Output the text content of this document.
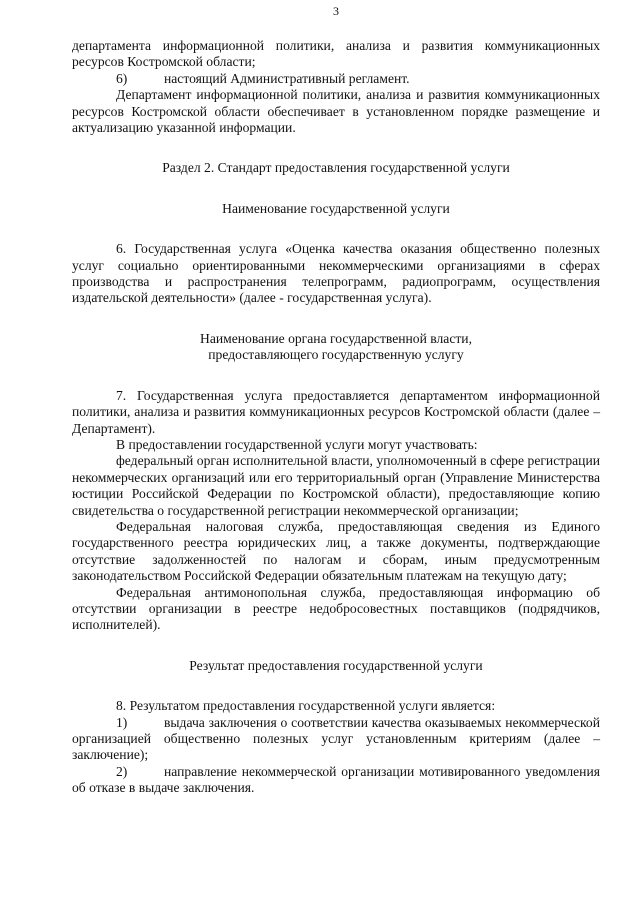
3

департамента информационной политики, анализа и развития коммуникационных ресурсов Костромской области;

6)	настоящий Административный регламент.

Департамент информационной политики, анализа и развития коммуникационных ресурсов Костромской области обеспечивает в установленном порядке размещение и актуализацию указанной информации.

Раздел 2. Стандарт предоставления государственной услуги

Наименование государственной услуги

6. Государственная услуга «Оценка качества оказания общественно полезных услуг социально ориентированными некоммерческими организациями в сферах производства и распространения телепрограмм, радиопрограмм, осуществления издательской деятельности» (далее - государственная услуга).

Наименование органа государственной власти,

предоставляющего государственную услугу

7. Государственная услуга предоставляется департаментом информационной политики, анализа и развития коммуникационных ресурсов Костромской области (далее – Департамент).

В предоставлении государственной услуги могут участвовать:

федеральный орган исполнительной власти, уполномоченный в сфере регистрации некоммерческих организаций или его территориальный орган (Управление Министерства юстиции Российской Федерации по Костромской области), предоставляющие копию свидетельства о государственной регистрации некоммерческой организации;

Федеральная налоговая служба, предоставляющая сведения из Единого государственного реестра юридических лиц, а также документы, подтверждающие отсутствие задолженностей по налогам и сборам, иным предусмотренным законодательством Российской Федерации обязательным платежам на текущую дату;

Федеральная антимонопольная служба, предоставляющая информацию об отсутствии организации в реестре недобросовестных поставщиков (подрядчиков, исполнителей).

Результат предоставления государственной услуги

8. Результатом предоставления государственной услуги является:

1)	выдача заключения о соответствии качества оказываемых некоммерческой организацией общественно полезных услуг установленным критериям (далее – заключение);

2)	направление некоммерческой организации мотивированного уведомления об отказе в выдаче заключения.
